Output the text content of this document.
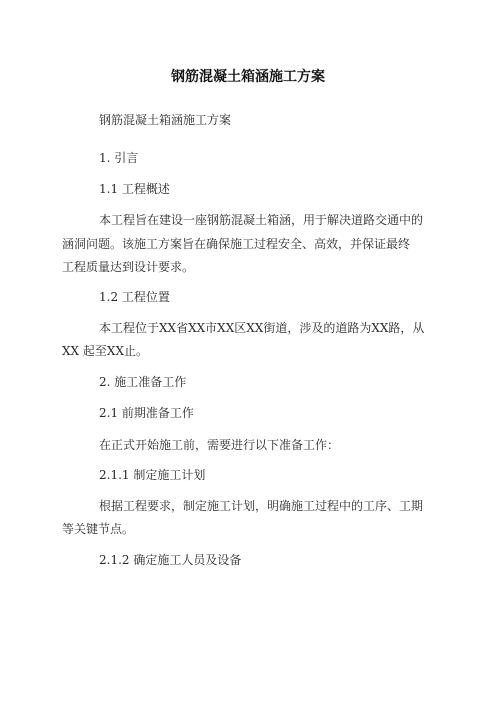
钢筋混凝土箱涵施工方案
钢筋混凝土箱涵施工方案
1. 引言
1.1 工程概述
本工程旨在建设一座钢筋混凝土箱涵，用于解决道路交通中的
涵洞问题。该施工方案旨在确保施工过程安全、高效，并保证最终
工程质量达到设计要求。
1.2 工程位置
本工程位于XX省XX市XX区XX街道，涉及的道路为XX路，从
XX 起至XX止。
2. 施工准备工作
2.1 前期准备工作
在正式开始施工前，需要进行以下准备工作：
2.1.1 制定施工计划
根据工程要求，制定施工计划，明确施工过程中的工序、工期
等关键节点。
2.1.2 确定施工人员及设备
